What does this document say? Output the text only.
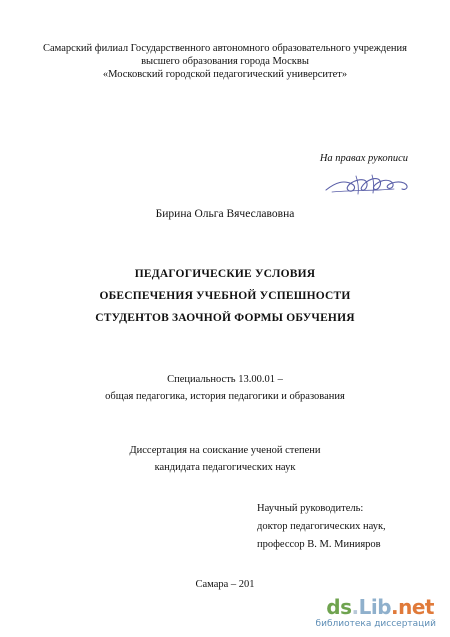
Самарский филиал Государственного автономного образовательного учреждения
высшего образования города Москвы
«Московский городской педагогический университет»
На правах рукописи
Бирина Ольга Вячеславовна
ПЕДАГОГИЧЕСКИЕ УСЛОВИЯ
ОБЕСПЕЧЕНИЯ УЧЕБНОЙ УСПЕШНОСТИ
СТУДЕНТОВ ЗАОЧНОЙ ФОРМЫ ОБУЧЕНИЯ
Специальность 13.00.01 –
общая педагогика, история педагогики и образования
Диссертация на соискание ученой степени
кандидата педагогических наук
Научный руководитель:
доктор педагогических наук,
профессор В. М. Минияров
Самара – 201
ds.Lib.net
библиотека диссертаций
